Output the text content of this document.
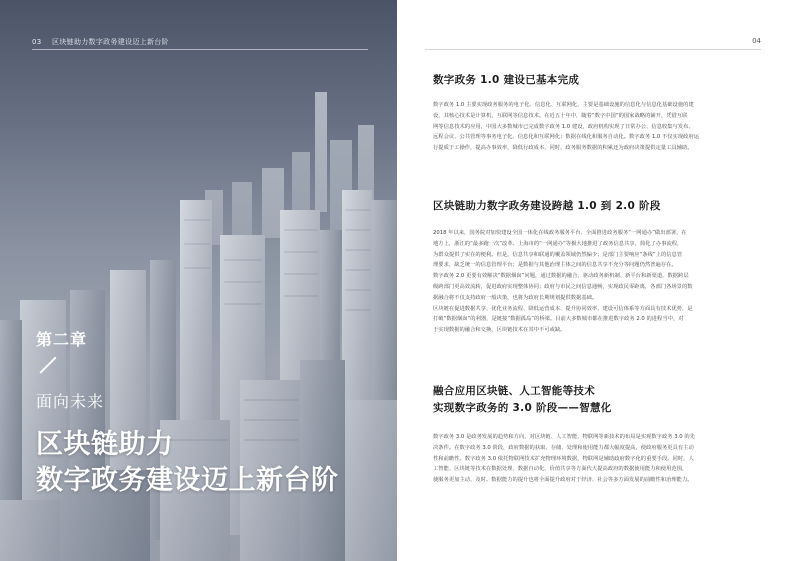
03 区块链助力数字政务建设迈上新台阶
第二章
面向未来
区块链助力
数字政务建设迈上新台阶
04
数字政务 1.0 建设已基本完成
数字政务 1.0 主要实现政务服务的电子化、信息化、互联网化，主要是基础设施的信息化与信息化基础设施的建
设，其核心技术是计算机、互联网等信息技术。在近五十年中，随着“数字中国”的国家战略的铺开，凭借互联
网等信息技术的应用，中国大多数城市已完成数字政务 1.0 建设，政府机构实现了日常办公、信息收集与发布、
远程会议、公共管理等事务电子化、信息化和互联网化；数据在线化和服务自动化。数字政务 1.0 不仅实现政府运
行提质于工操作，提高办事效率，降低行政成本，同时，政务服务数据的积累还为政府决策提供定量工具辅助。
区块链助力数字政务建设跨越 1.0 到 2.0 阶段
2018 年以来，国务院对加快建设全国一体化在线政务服务平台、全面推进政务服务“一网通办”做出部署，在
地方上，浙江的“最多跑一次”改革、上海市的“一网通办”等极大地推进了政务信息共享，简化了办事流程，
为群众提供了实在的便利。但是，信息共享和联通的覆盖领域仍然偏少；是部门主要响应“条线”上的信息管
理要求，缺乏统一的信息管理平台；是数据与其他治理主体之间的信息共享不充分等问题仍然普遍存在。
数字政务 2.0 更要有效解决“数据烟囱”问题，通过数据的融合，驱动政务新机制、新平台和新渠道，数据跨层
级跨部门更高效流转，促进政府实现整体协同；政府与市民之间信息通畅，实现政民零距离，各部门各场景的数
据融合将不仅支持政府一般决策，也将为政府长期规划提供数据基础。
区块链在促进数据共享、优化业务流程、降低运营成本、提升协同效率、建设可信体系等方面具有技术优势，是
打破“数据烟囱”的利器，是链接“数据孤岛”的桥梁。目前大多数城市都在推进数字政务 2.0 的进程当中，对
于实现数据的融合和交换，区块链技术在其中不可或缺。
融合应用区块链、人工智能等技术
实现数字政务的 3.0 阶段——智慧化
数字政务 3.0 是政务发展的趋势和方向，对区块链、人工智能、物联网等新技术的布局是实现数字政务 3.0 的先
决条件。在数字政务 3.0 阶段，政府数据的获取、存储、处理和使用能力都大幅度提高，使政府服务更具有主动
性和前瞻性。数字政务 3.0 依托物联网技术扩充物理环境数据，物联网是辅助政府数字化的重要手段。同时，人
工智能、区块链等技术在数据处理、数据自动化、价值共享等方面代大提高政府的数据使用能力和使用范围，
使服务更加主动、及时。数据能力的提升也将全面提升政府对于经济、社会等多方面发展的前瞻性和治理能力。
